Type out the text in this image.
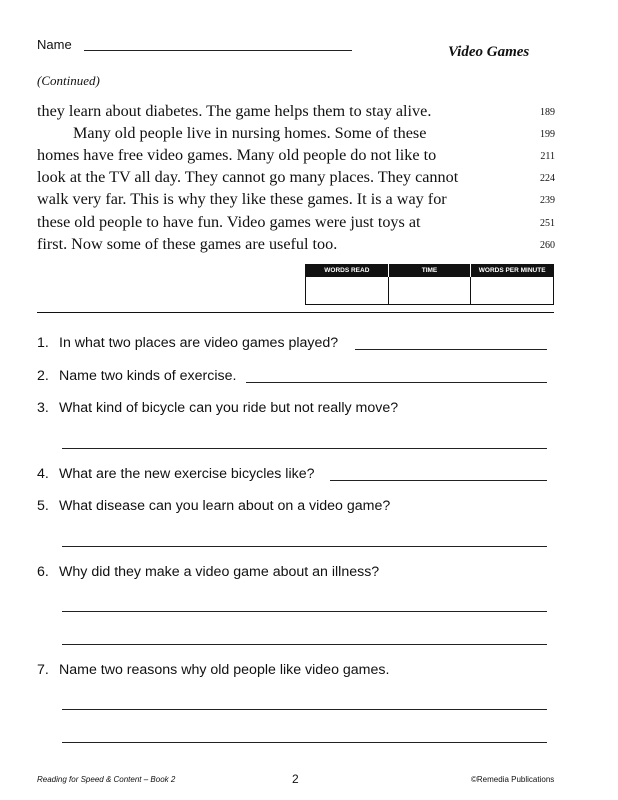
Name	Video Games
(Continued)
they learn about diabetes. The game helps them to stay alive.	189
Many old people live in nursing homes. Some of these	199
homes have free video games. Many old people do not like to	211
look at the TV all day. They cannot go many places. They cannot	224
walk very far. This is why they like these games. It is a way for	239
these old people to have fun. Video games were just toys at	251
first. Now some of these games are useful too.	260
WORDS READ	TIME	WORDS PER MINUTE

1. In what two places are video games played?
2. Name two kinds of exercise.
3. What kind of bicycle can you ride but not really move?
4. What are the new exercise bicycles like?
5. What disease can you learn about on a video game?
6. Why did they make a video game about an illness?
7. Name two reasons why old people like video games.
Reading for Speed & Content – Book 2	2	©Remedia Publications
